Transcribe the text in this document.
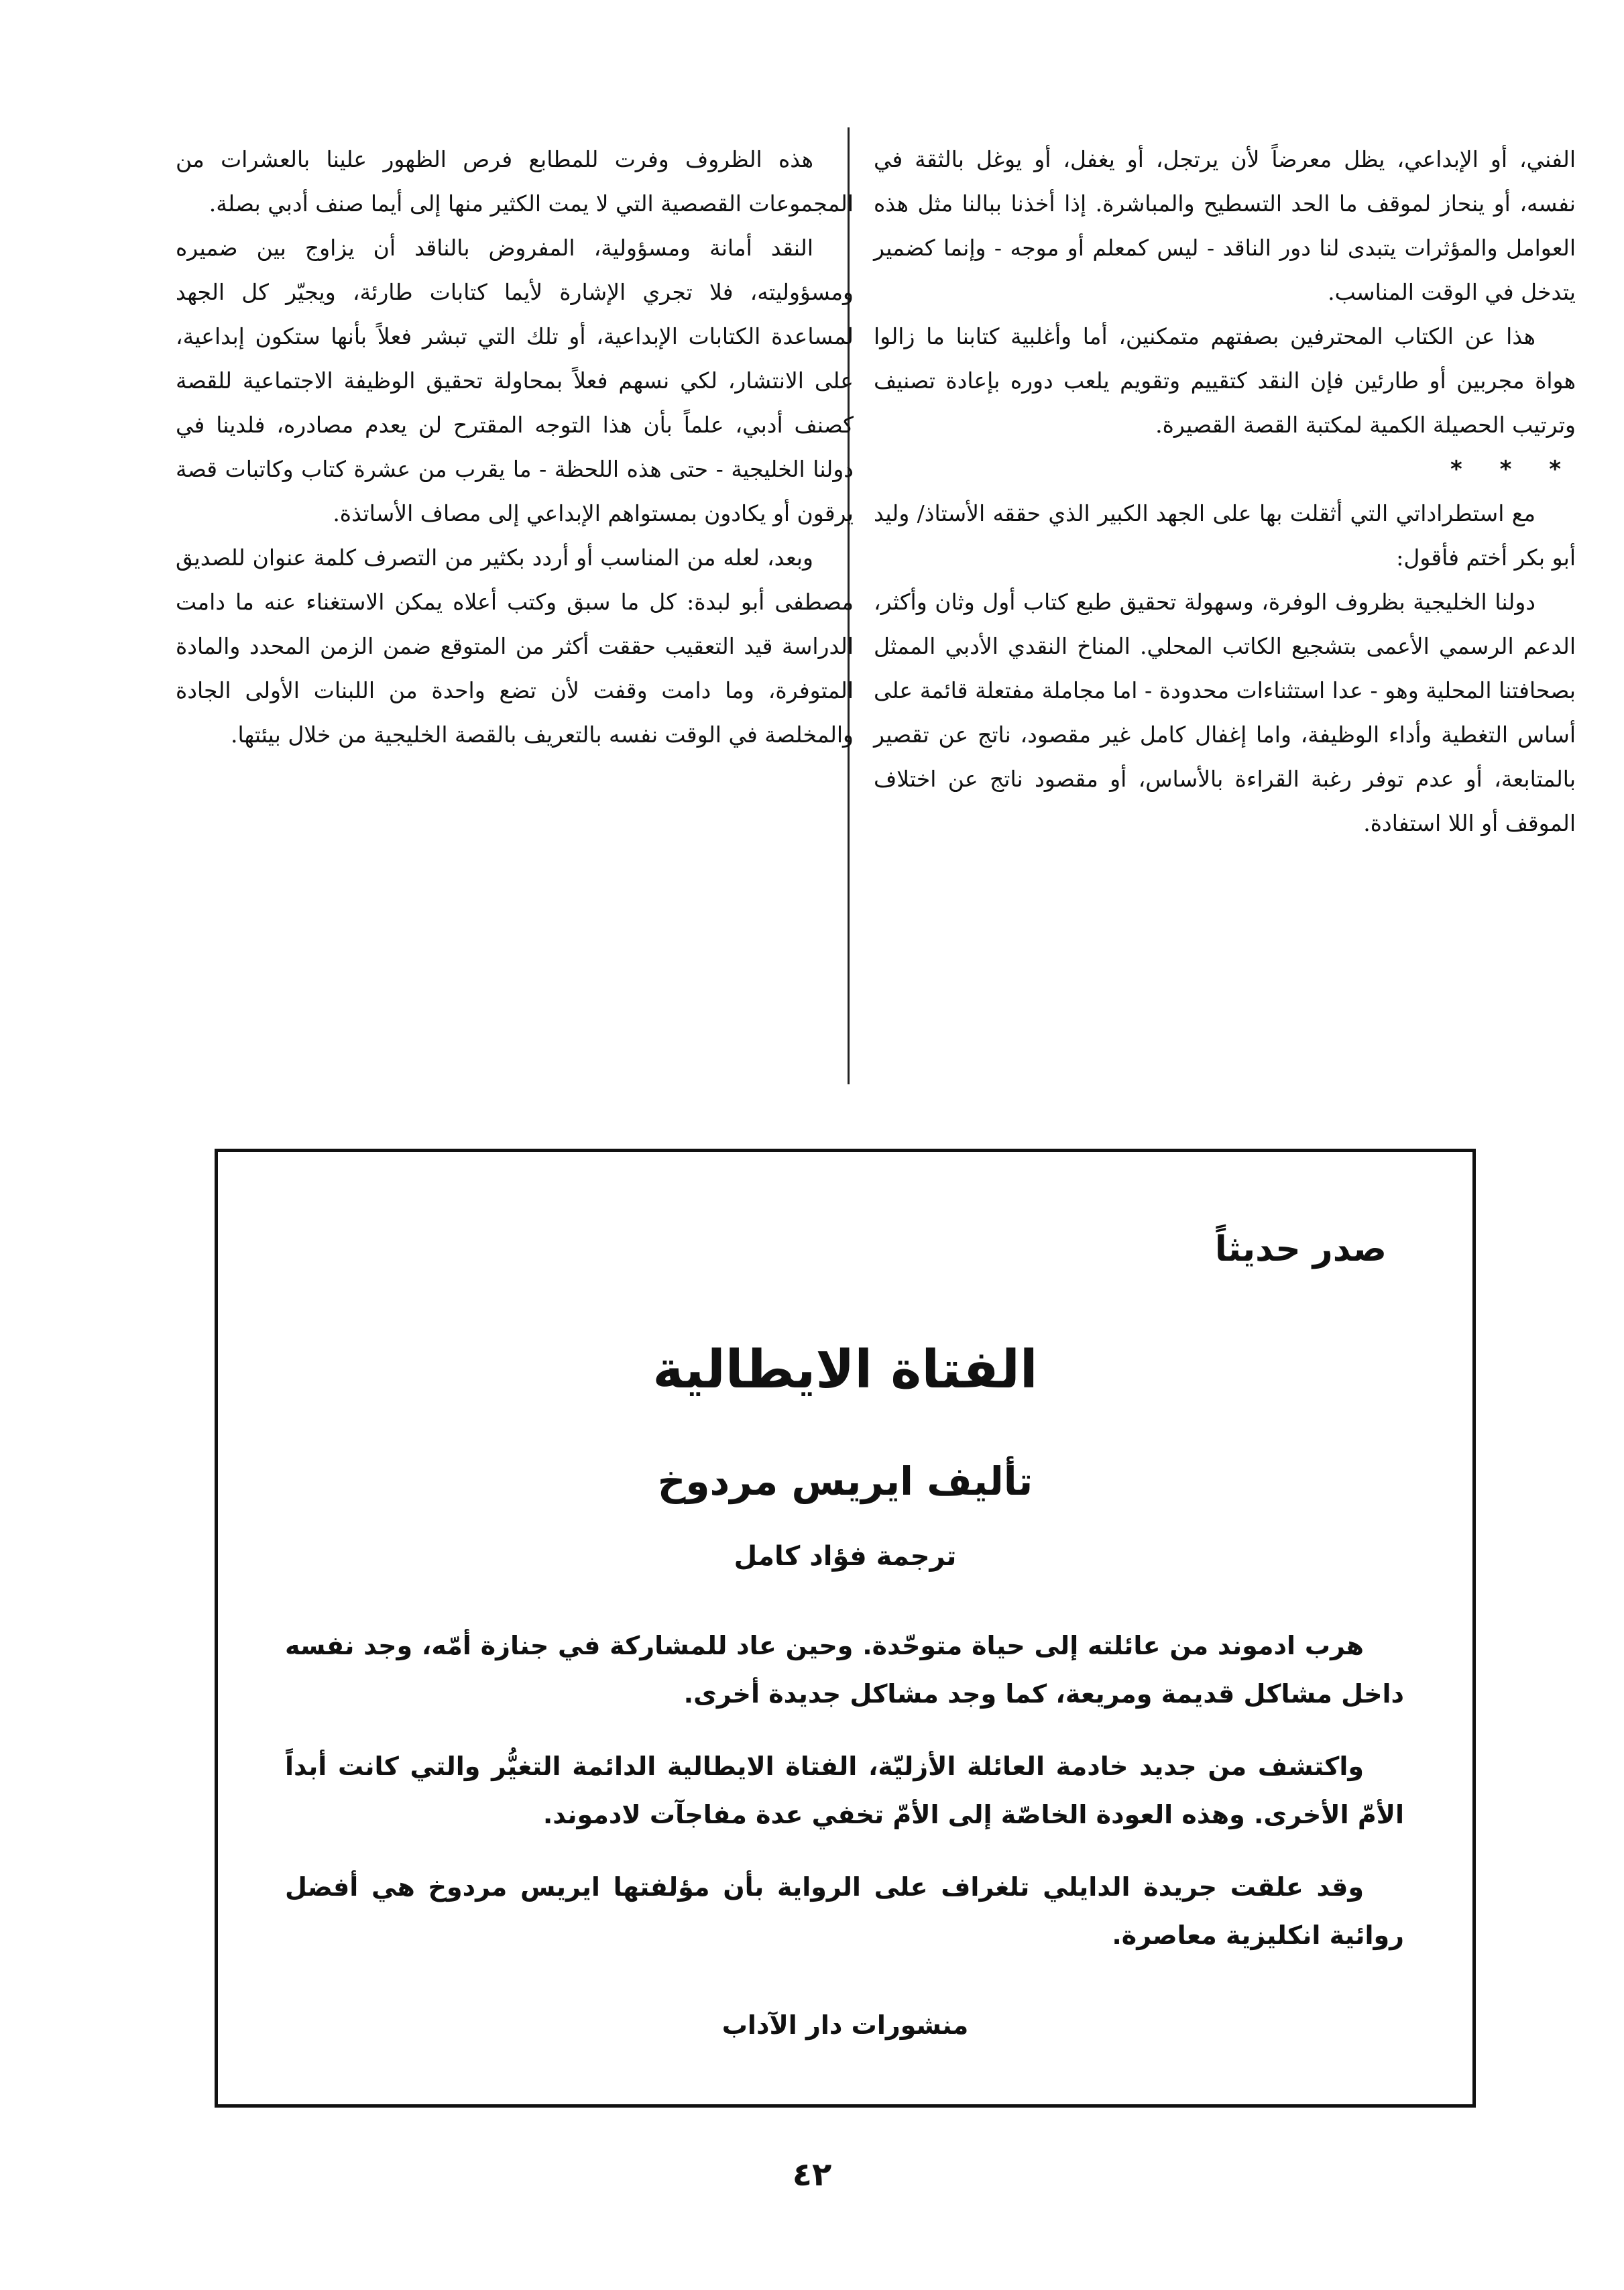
الفني، أو الإبداعي، يظل معرضاً لأن يرتجل، أو يغفل، أو يوغل بالثقة في نفسه، أو ينحاز لموقف ما الحد التسطيح والمباشرة. إذا أخذنا ببالنا مثل هذه العوامل والمؤثرات يتبدى لنا دور الناقد - ليس كمعلم أو موجه - وإنما كضمير يتدخل في الوقت المناسب.

هذا عن الكتاب المحترفين بصفتهم متمكنين، أما وأغلبية كتابنا ما زالوا هواة مجربين أو طارئين فإن النقد كتقييم وتقويم يلعب دوره بإعادة تصنيف وترتيب الحصيلة الكمية لمكتبة القصة القصيرة.

* * *

مع استطراداتي التي أثقلت بها على الجهد الكبير الذي حققه الأستاذ/ وليد أبو بكر أختم فأقول:

دولنا الخليجية بظروف الوفرة، وسهولة تحقيق طبع كتاب أول وثان وأكثر، الدعم الرسمي الأعمى بتشجيع الكاتب المحلي. المناخ النقدي الأدبي الممثل بصحافتنا المحلية وهو - عدا استثناءات محدودة - اما مجاملة مفتعلة قائمة على أساس التغطية وأداء الوظيفة، واما إغفال كامل غير مقصود، ناتج عن تقصير بالمتابعة، أو عدم توفر رغبة القراءة بالأساس، أو مقصود ناتج عن اختلاف الموقف أو اللا استفادة.

هذه الظروف وفرت للمطابع فرص الظهور علينا بالعشرات من المجموعات القصصية التي لا يمت الكثير منها إلى أيما صنف أدبي بصلة.

النقد أمانة ومسؤولية، المفروض بالناقد أن يزاوج بين ضميره ومسؤوليته، فلا تجري الإشارة لأيما كتابات طارئة، ويجيّر كل الجهد لمساعدة الكتابات الإبداعية، أو تلك التي تبشر فعلاً بأنها ستكون إبداعية، على الانتشار، لكي نسهم فعلاً بمحاولة تحقيق الوظيفة الاجتماعية للقصة كصنف أدبي، علماً بأن هذا التوجه المقترح لن يعدم مصادره، فلدينا في دولنا الخليجية - حتى هذه اللحظة - ما يقرب من عشرة كتاب وكاتبات قصة يرقون أو يكادون بمستواهم الإبداعي إلى مصاف الأساتذة.

وبعد، لعله من المناسب أو أردد بكثير من التصرف كلمة عنوان للصديق مصطفى أبو لبدة: كل ما سبق وكتب أعلاه يمكن الاستغناء عنه ما دامت الدراسة قيد التعقيب حققت أكثر من المتوقع ضمن الزمن المحدد والمادة المتوفرة، وما دامت وقفت لأن تضع واحدة من اللبنات الأولى الجادة والمخلصة في الوقت نفسه بالتعريف بالقصة الخليجية من خلال بيئتها.

صدر حديثاً
الفتاة الايطالية
تأليف ايريس مردوخ
ترجمة فؤاد كامل

هرب ادموند من عائلته إلى حياة متوحّدة. وحين عاد للمشاركة في جنازة أمّه، وجد نفسه داخل مشاكل قديمة ومريعة، كما وجد مشاكل جديدة أخرى.

واكتشف من جديد خادمة العائلة الأزليّة، الفتاة الايطالية الدائمة التغيُّر والتي كانت أبداً الأمّ الأخرى. وهذه العودة الخاصّة إلى الأمّ تخفي عدة مفاجآت لادموند.

وقد علقت جريدة الدايلي تلغراف على الرواية بأن مؤلفتها ايريس مردوخ هي أفضل روائية انكليزية معاصرة.

منشورات دار الآداب
٤٢
